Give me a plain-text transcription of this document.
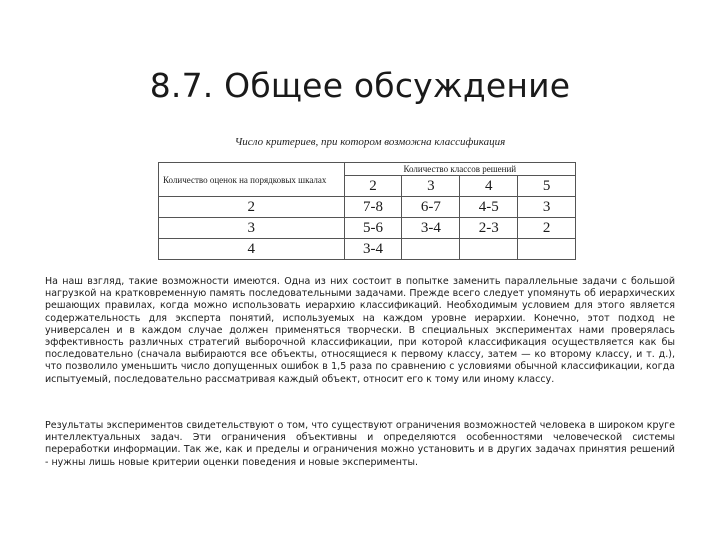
8.7. Общее обсуждение
Число критериев, при котором возможна классификация
Количество оценок на порядковых шкалах	Количество классов решений			
	2	3	4	5
2	7-8	6-7	4-5	3
3	5-6	3-4	2-3	2
4	3-4			

На наш взгляд, такие возможности имеются. Одна из них состоит в попытке заменить параллельные задачи с большой нагрузкой на кратковременную память последовательными задачами. Прежде всего следует упомянуть об иерархических решающих правилах, когда можно использовать иерархию классификаций. Необходимым условием для этого является содержательность для эксперта понятий, используемых на каждом уровне иерархии. Конечно, этот подход не универсален и в каждом случае должен применяться творчески. В специальных экспериментах нами проверялась эффективность различных стратегий выборочной классификации, при которой классификация осуществляется как бы последовательно (сначала выбираются все объекты, относящиеся к первому классу, затем — ко второму классу, и т. д.), что позволило уменьшить число допущенных ошибок в 1,5 раза по сравнению с условиями обычной классификации, когда испытуемый, последовательно рассматривая каждый объект, относит его к тому или иному классу.

Результаты экспериментов свидетельствуют о том, что существуют ограничения возможностей человека в широком круге интеллектуальных задач. Эти ограничения объективны и определяются особенностями человеческой системы переработки информации. Так же, как и пределы и ограничения можно установить и в других задачах принятия решений - нужны лишь новые критерии оценки поведения и новые эксперименты.
